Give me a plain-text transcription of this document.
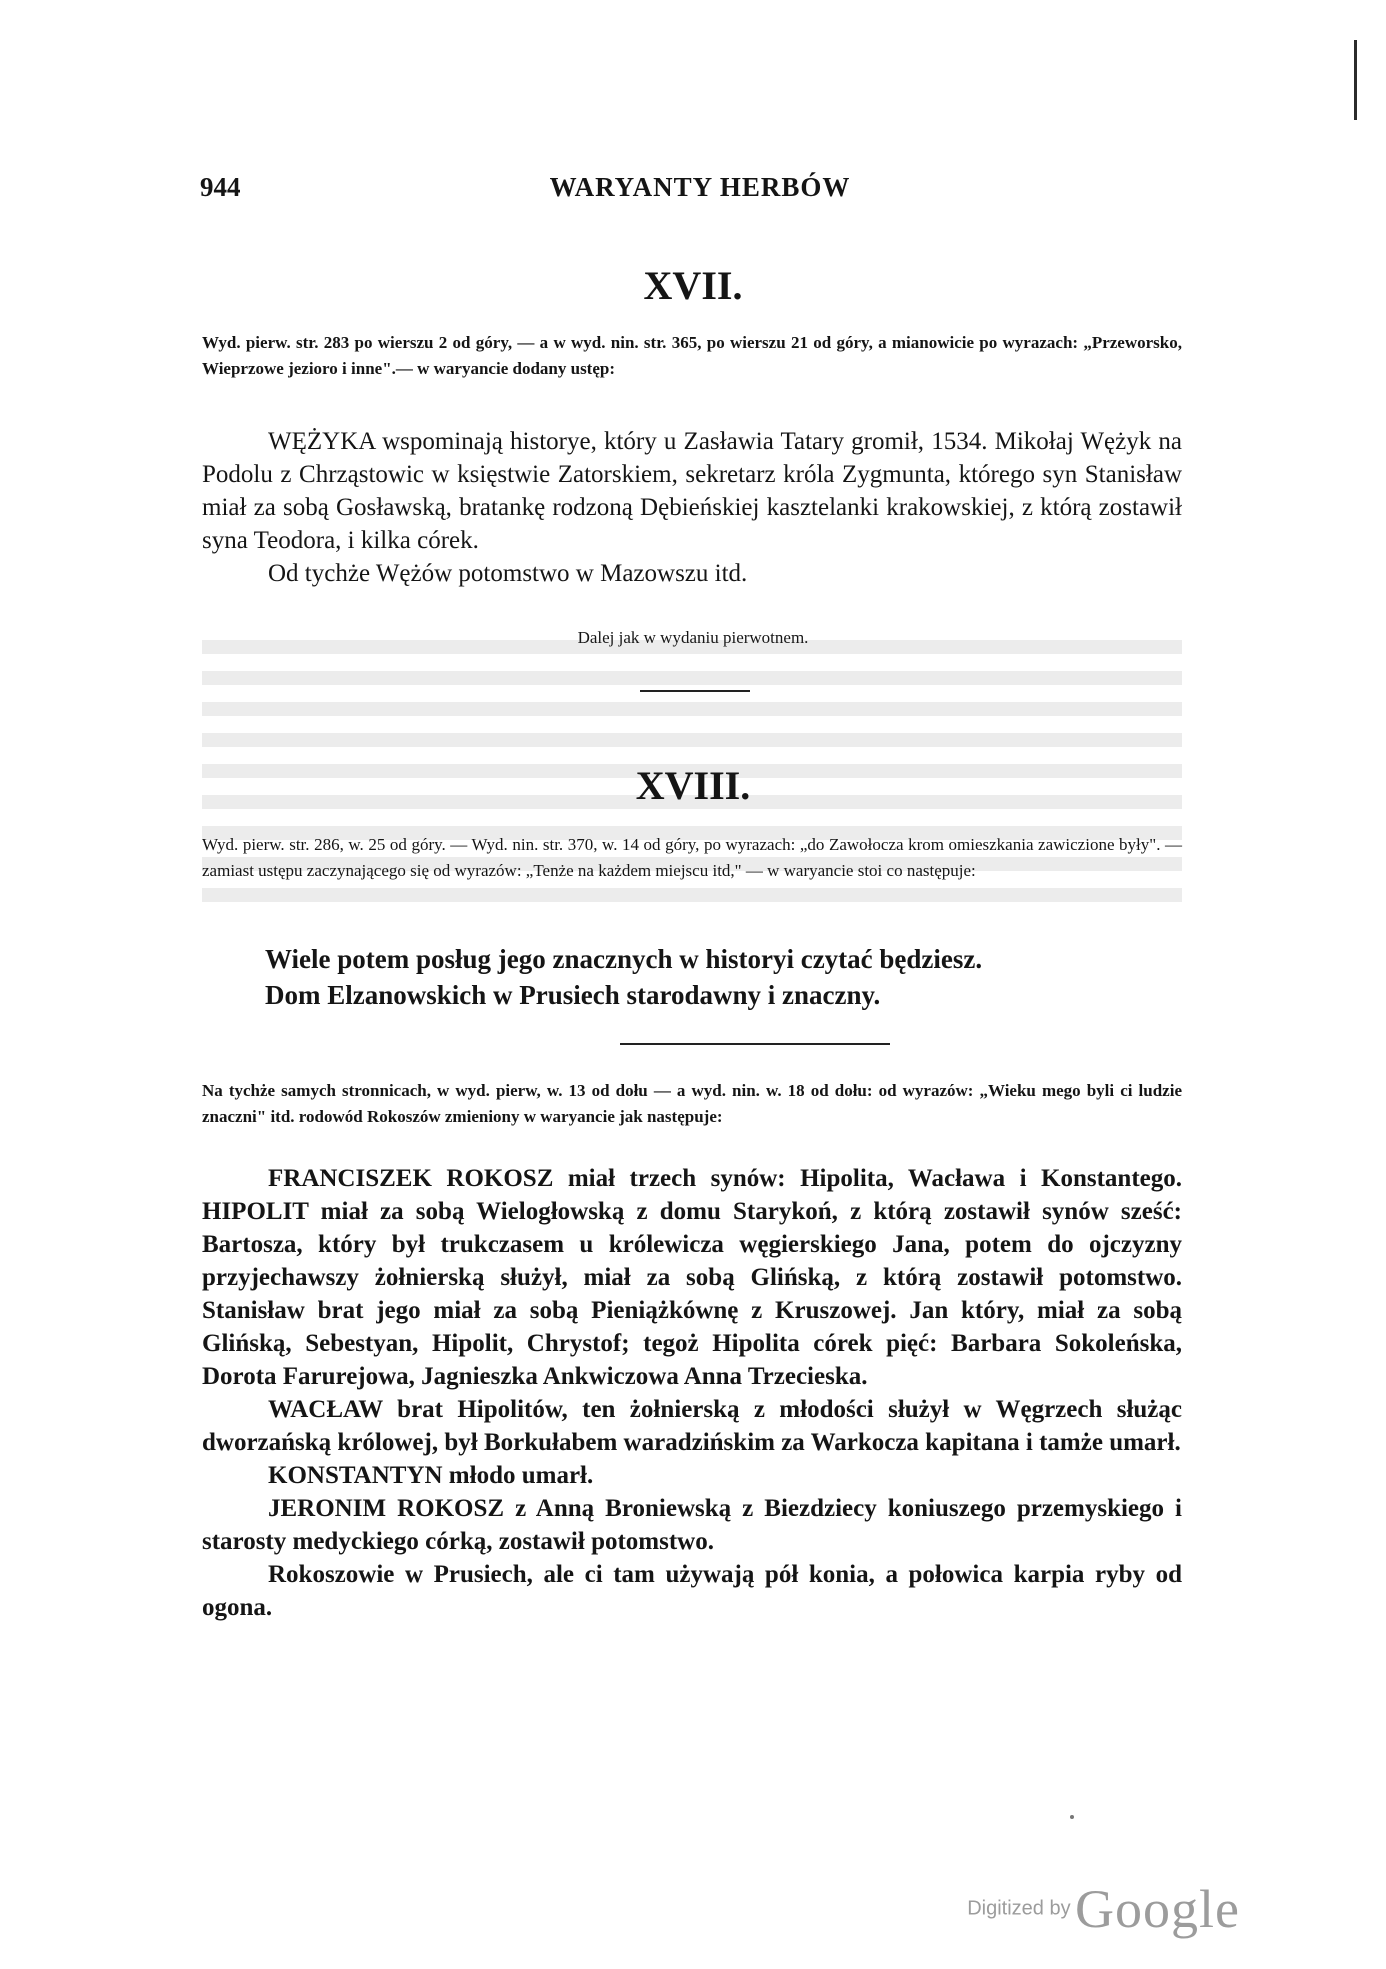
944	WARYANTY HERBÓW
XVII.
Wyd. pierw. str. 283 po wierszu 2 od góry, — a w wyd. nin. str. 365, po wierszu 21 od góry, a mianowicie po wyrazach: „Przeworsko, Wieprzowe jezioro i inne".— w waryancie dodany ustęp:

WĘŻYKA wspominają historye, który u Zasławia Tatary gromił, 1534. Mikołaj Wężyk na Podolu z Chrząstowic w księstwie Zatorskiem, sekretarz króla Zygmunta, którego syn Stanisław miał za sobą Gosławską, bratankę rodzoną Dębieńskiej kasztelanki krakowskiej, z którą zostawił syna Teodora, i kilka córek.

Od tychże Wężów potomstwo w Mazowszu itd.

Dalej jak w wydaniu pierwotnem.
XVIII.
Wyd. pierw. str. 286, w. 25 od góry. — Wyd. nin. str. 370, w. 14 od góry, po wyrazach: „do Zawołocza krom omieszkania zawiczione były". — zamiast ustępu zaczynającego się od wyrazów: „Tenże na każdem miejscu itd," — w waryancie stoi co następuje:
Wiele potem posług jego znacznych w historyi czytać będziesz.
Dom Elzanowskich w Prusiech starodawny i znaczny.
Na tychże samych stronnicach, w wyd. pierw, w. 13 od dołu — a wyd. nin. w. 18 od dołu: od wyrazów: „Wieku mego byli ci ludzie znaczni" itd. rodowód Rokoszów zmieniony w waryancie jak następuje:

FRANCISZEK ROKOSZ miał trzech synów: Hipolita, Wacława i Konstantego. HIPOLIT miał za sobą Wielogłowską z domu Starykoń, z którą zostawił synów sześć: Bartosza, który był trukczasem u królewicza węgierskiego Jana, potem do ojczyzny przyjechawszy żołnierską służył, miał za sobą Glińską, z którą zostawił potomstwo. Stanisław brat jego miał za sobą Pieniążkównę z Kruszowej. Jan który, miał za sobą Glińską, Sebestyan, Hipolit, Chrystof; tegoż Hipolita córek pięć: Barbara Sokoleńska, Dorota Farurejowa, Jagnieszka Ankwiczowa Anna Trzecieska.

WACŁAW brat Hipolitów, ten żołnierską z młodości służył w Węgrzech służąc dworzańską królowej, był Borkułabem waradzińskim za Warkocza kapitana i tamże umarł.

KONSTANTYN młodo umarł.

JERONIM ROKOSZ z Anną Broniewską z Biezdziecy koniuszego przemyskiego i starosty medyckiego córką, zostawił potomstwo.

Rokoszowie w Prusiech, ale ci tam używają pół konia, a połowica karpia ryby od ogona.

Digitized by Google
